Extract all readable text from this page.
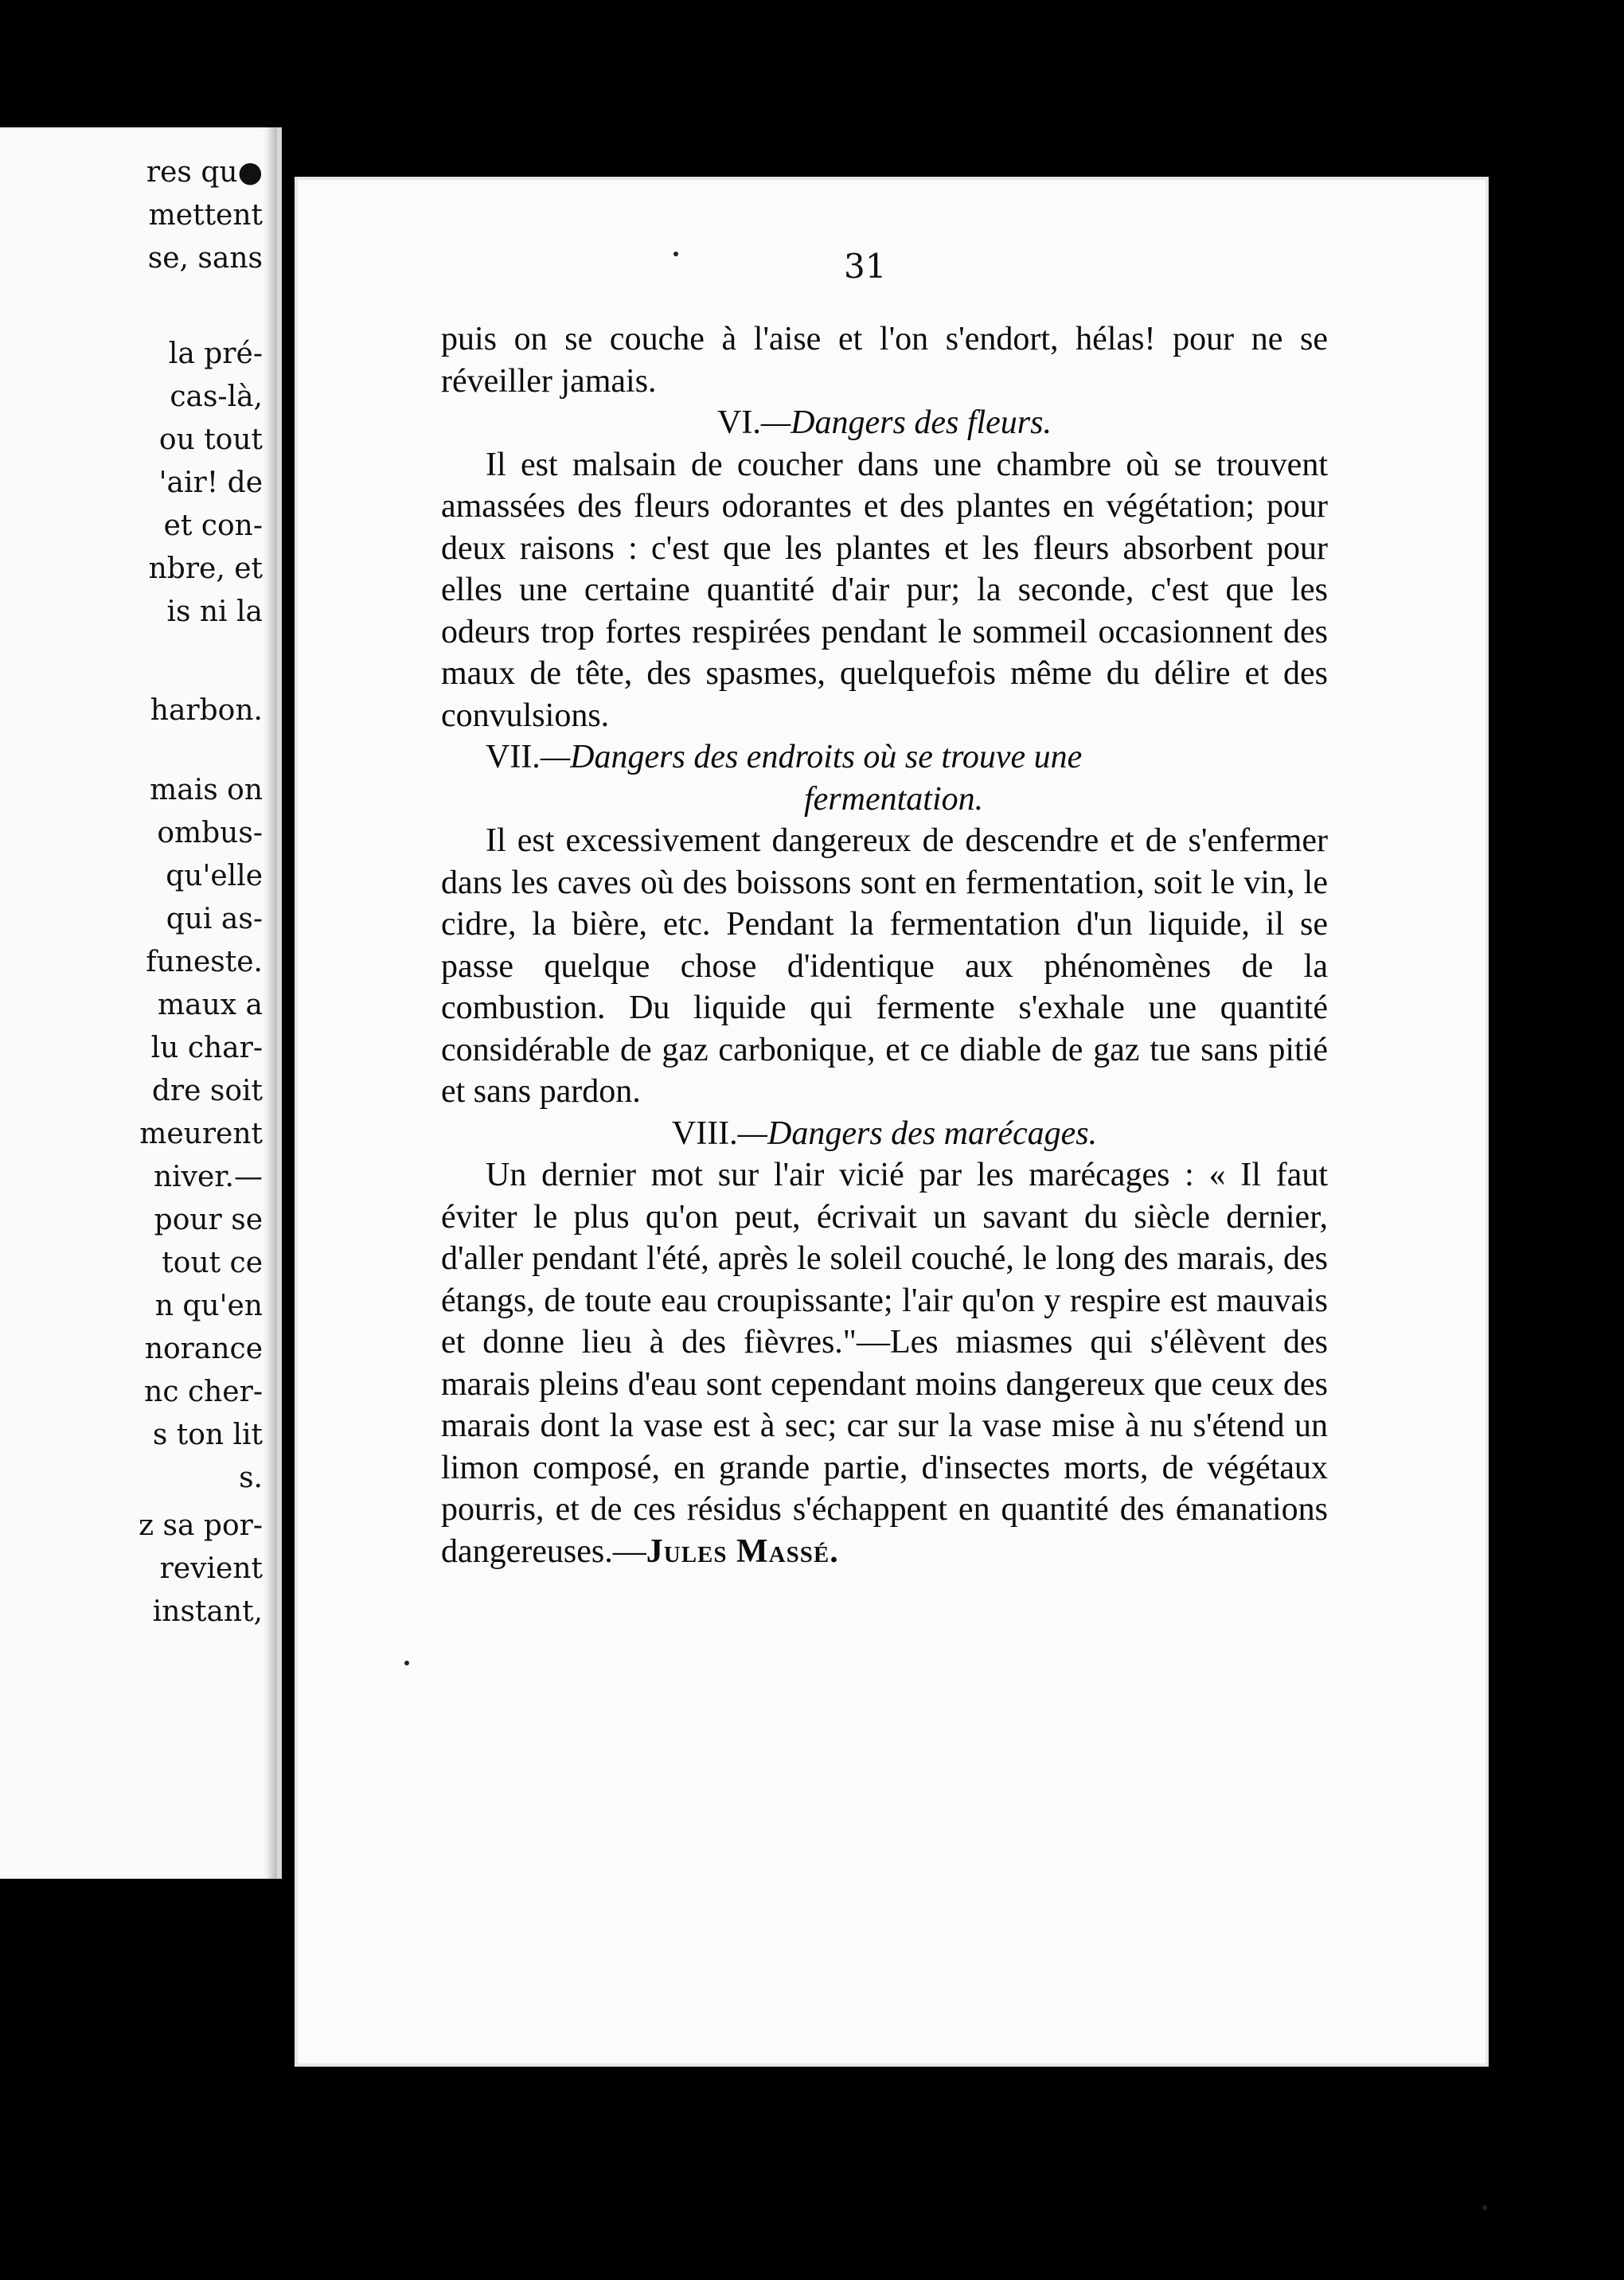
res qu●
mettent
se, sans
la pré-
cas-là,
ou tout
'air! de
et con-
nbre, et
is ni la
harbon.
mais on
ombus-
qu'elle
qui as-
funeste.
maux a
lu char-
dre soit
meurent
niver.—
pour se
tout ce
n qu'en
norance
nc cher-
s ton lit
s.
z sa por-
revient
instant,
31

puis on se couche à l'aise et l'on s'endort, hélas! pour ne se réveiller jamais.

VI.—Dangers des fleurs.

Il est malsain de coucher dans une chambre où se trouvent amassées des fleurs odorantes et des plantes en végétation; pour deux raisons : c'est que les plantes et les fleurs absorbent pour elles une certaine quantité d'air pur; la seconde, c'est que les odeurs trop fortes respirées pendant le sommeil occasionnent des maux de tête, des spasmes, quelquefois même du délire et des convulsions.

VII.—Dangers des endroits où se trouve une
fermentation.

Il est excessivement dangereux de descendre et de s'enfermer dans les caves où des boissons sont en fermentation, soit le vin, le cidre, la bière, etc. Pendant la fermentation d'un liquide, il se passe quelque chose d'identique aux phénomènes de la combustion. Du liquide qui fermente s'exhale une quantité considérable de gaz carbonique, et ce diable de gaz tue sans pitié et sans pardon.

VIII.—Dangers des marécages.

Un dernier mot sur l'air vicié par les marécages : « Il faut éviter le plus qu'on peut, écrivait un savant du siècle dernier, d'aller pendant l'été, après le soleil couché, le long des marais, des étangs, de toute eau croupissante; l'air qu'on y respire est mauvais et donne lieu à des fièvres."—Les miasmes qui s'élèvent des marais pleins d'eau sont cependant moins dangereux que ceux des marais dont la vase est à sec; car sur la vase mise à nu s'étend un limon composé, en grande partie, d'insectes morts, de végétaux pourris, et de ces résidus s'échappent en quantité des émanations dangereuses.—Jules Massé.
